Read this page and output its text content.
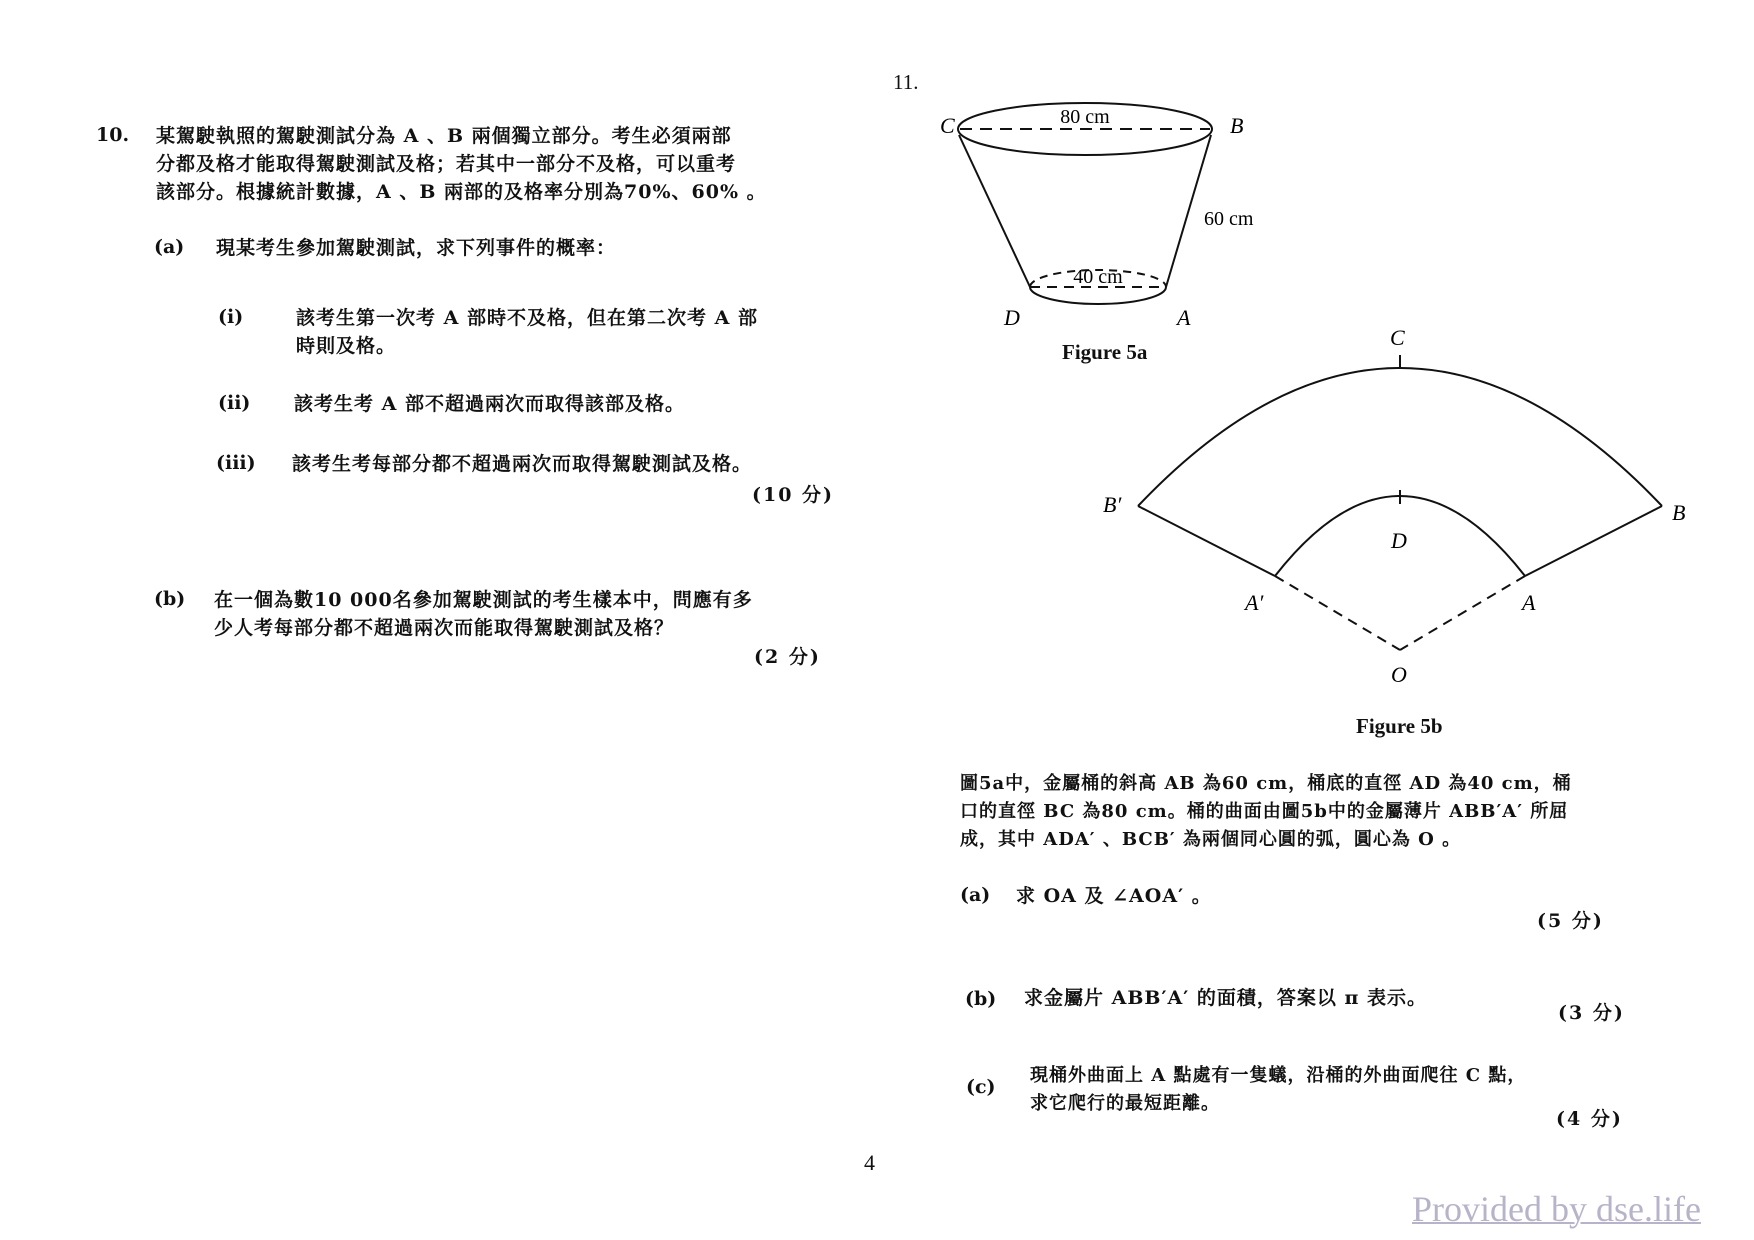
10. 某駕駛執照的駕駛測試分為 A 、B 兩個獨立部分。考生必須兩部
分都及格才能取得駕駛測試及格；若其中一部分不及格，可以重考
該部分。根據統計數據，A 、B 兩部的及格率分別為70%、60% 。
(a) 現某考生參加駕駛測試，求下列事件的概率：
(i)	該考生第一次考 A 部時不及格，但在第二次考 A 部
時則及格。
(ii) 該考生考 A 部不超過兩次而取得該部及格。
(iii) 該考生考每部分都不超過兩次而取得駕駛測試及格。
(10 分)
(b) 在一個為數10 000名參加駕駛測試的考生樣本中，問應有多
少人考每部分都不超過兩次而能取得駕駛測試及格？
(2 分)
11.
C	B
D	A
80 cm
60 cm
40 cm
Figure 5a
C
B
B′
D
A
A′
O
Figure 5b
圖5a中，金屬桶的斜高 AB 為60 cm，桶底的直徑 AD 為40 cm，桶
口的直徑 BC 為80 cm。桶的曲面由圖5b中的金屬薄片 ABB′A′ 所屈
成，其中 ADA′ 、BCB′ 為兩個同心圓的弧，圓心為 O 。
(a) 求 OA 及 ∠AOA′ 。
(5 分)
(b) 求金屬片 ABB′A′ 的面積，答案以 π 表示。
(3 分)
(c)
現桶外曲面上 A 點處有一隻蟻，沿桶的外曲面爬往 C 點，
求它爬行的最短距離。
(4 分)
4
Provided by dse.life
